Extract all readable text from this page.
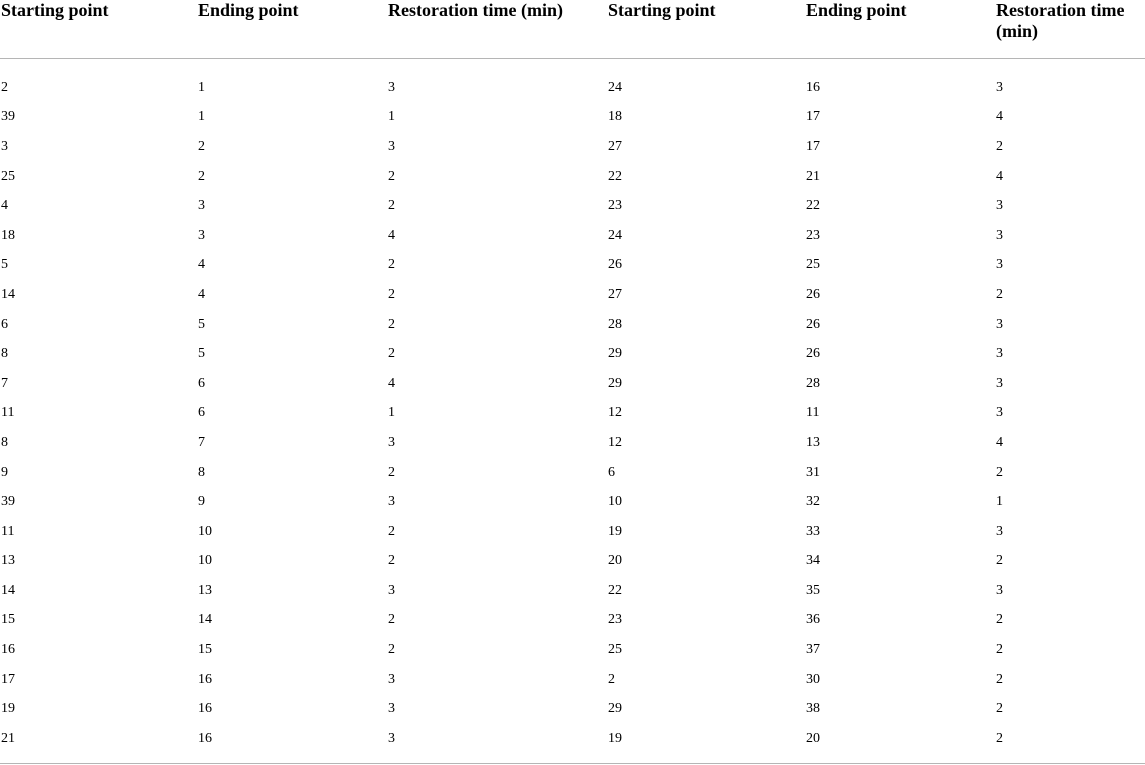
Starting point	Ending point	Restoration time (min)	Starting point	Ending point	Restoration time (min)

2	1	3	24	16	3
39	1	1	18	17	4
3	2	3	27	17	2
25	2	2	22	21	4
4	3	2	23	22	3
18	3	4	24	23	3
5	4	2	26	25	3
14	4	2	27	26	2
6	5	2	28	26	3
8	5	2	29	26	3
7	6	4	29	28	3
11	6	1	12	11	3
8	7	3	12	13	4
9	8	2	6	31	2
39	9	3	10	32	1
11	10	2	19	33	3
13	10	2	20	34	2
14	13	3	22	35	3
15	14	2	23	36	2
16	15	2	25	37	2
17	16	3	2	30	2
19	16	3	29	38	2
21	16	3	19	20	2
